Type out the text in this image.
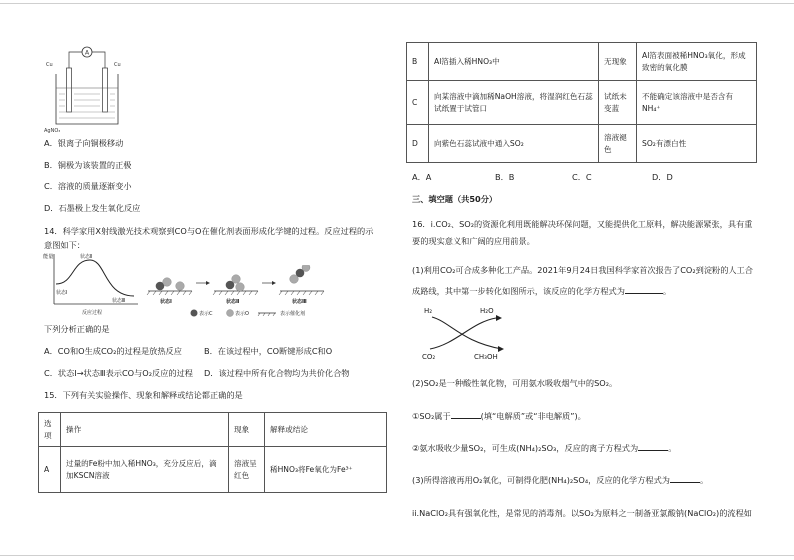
A
Cu	Cu
AgNO₃
A．银离子向铜极移动
B．铜极为该装置的正极
C．溶液的质量逐渐变小
D．石墨极上发生氧化反应
14．科学家用X射线激光技术观察到CO与O在催化剂表面形成化学键的过程。反应过程的示
意图如下：
能量	状态Ⅱ
状态Ⅰ
状态Ⅲ
反应过程
状态Ⅰ	状态Ⅱ	状态Ⅲ
表示C	表示O	表示催化剂
下列分析正确的是
A．CO和O生成CO₂的过程是放热反应	B．在该过程中，CO断键形成C和O
C．状态Ⅰ→状态Ⅲ表示CO与O₂反应的过程 D．该过程中所有化合物均为共价化合物
15．下列有关实验操作、现象和解释或结论都正确的是
选项	操作	现象	解释或结论
A	过量的Fe粉中加入稀HNO₃，充分反应后，滴加KSCN溶液	溶液呈红色	稀HNO₃将Fe氧化为Fe³⁺
B	Al箔插入稀HNO₃中	无现象	Al箔表面被稀HNO₃氧化，形成致密的氧化膜
C	向某溶液中滴加稀NaOH溶液，将湿润红色石蕊试纸置于试管口	试纸未变蓝	不能确定该溶液中是否含有NH₄⁺
D	向紫色石蕊试液中通入SO₂	溶液褪色	SO₂有漂白性
A．A	B．B	C．C	D．D
三、填空题（共50分）
16．i.CO₂、SO₂的资源化利用既能解决环保问题，又能提供化工原料，解决能源紧张，具有重
要的现实意义和广阔的应用前景。
(1)利用CO₂可合成多种化工产品。2021年9月24日我国科学家首次报告了CO₂到淀粉的人工合
成路线，其中第一步转化如图所示，该反应的化学方程式为	。
H₂	H₂O
CO₂	CH₃OH
(2)SO₂是一种酸性氧化物，可用氨水吸收烟气中的SO₂。
①SO₂属于	(填“电解质”或“非电解质”)。
②氨水吸收少量SO₂，可生成(NH₄)₂SO₃，反应的离子方程式为	。
(3)所得溶液再用O₂氧化，可制得化肥(NH₄)₂SO₄，反应的化学方程式为	。
ii.NaClO₂具有强氧化性，是常见的消毒剂。以SO₂为原料之一制备亚氯酸钠(NaClO₂)的流程如
